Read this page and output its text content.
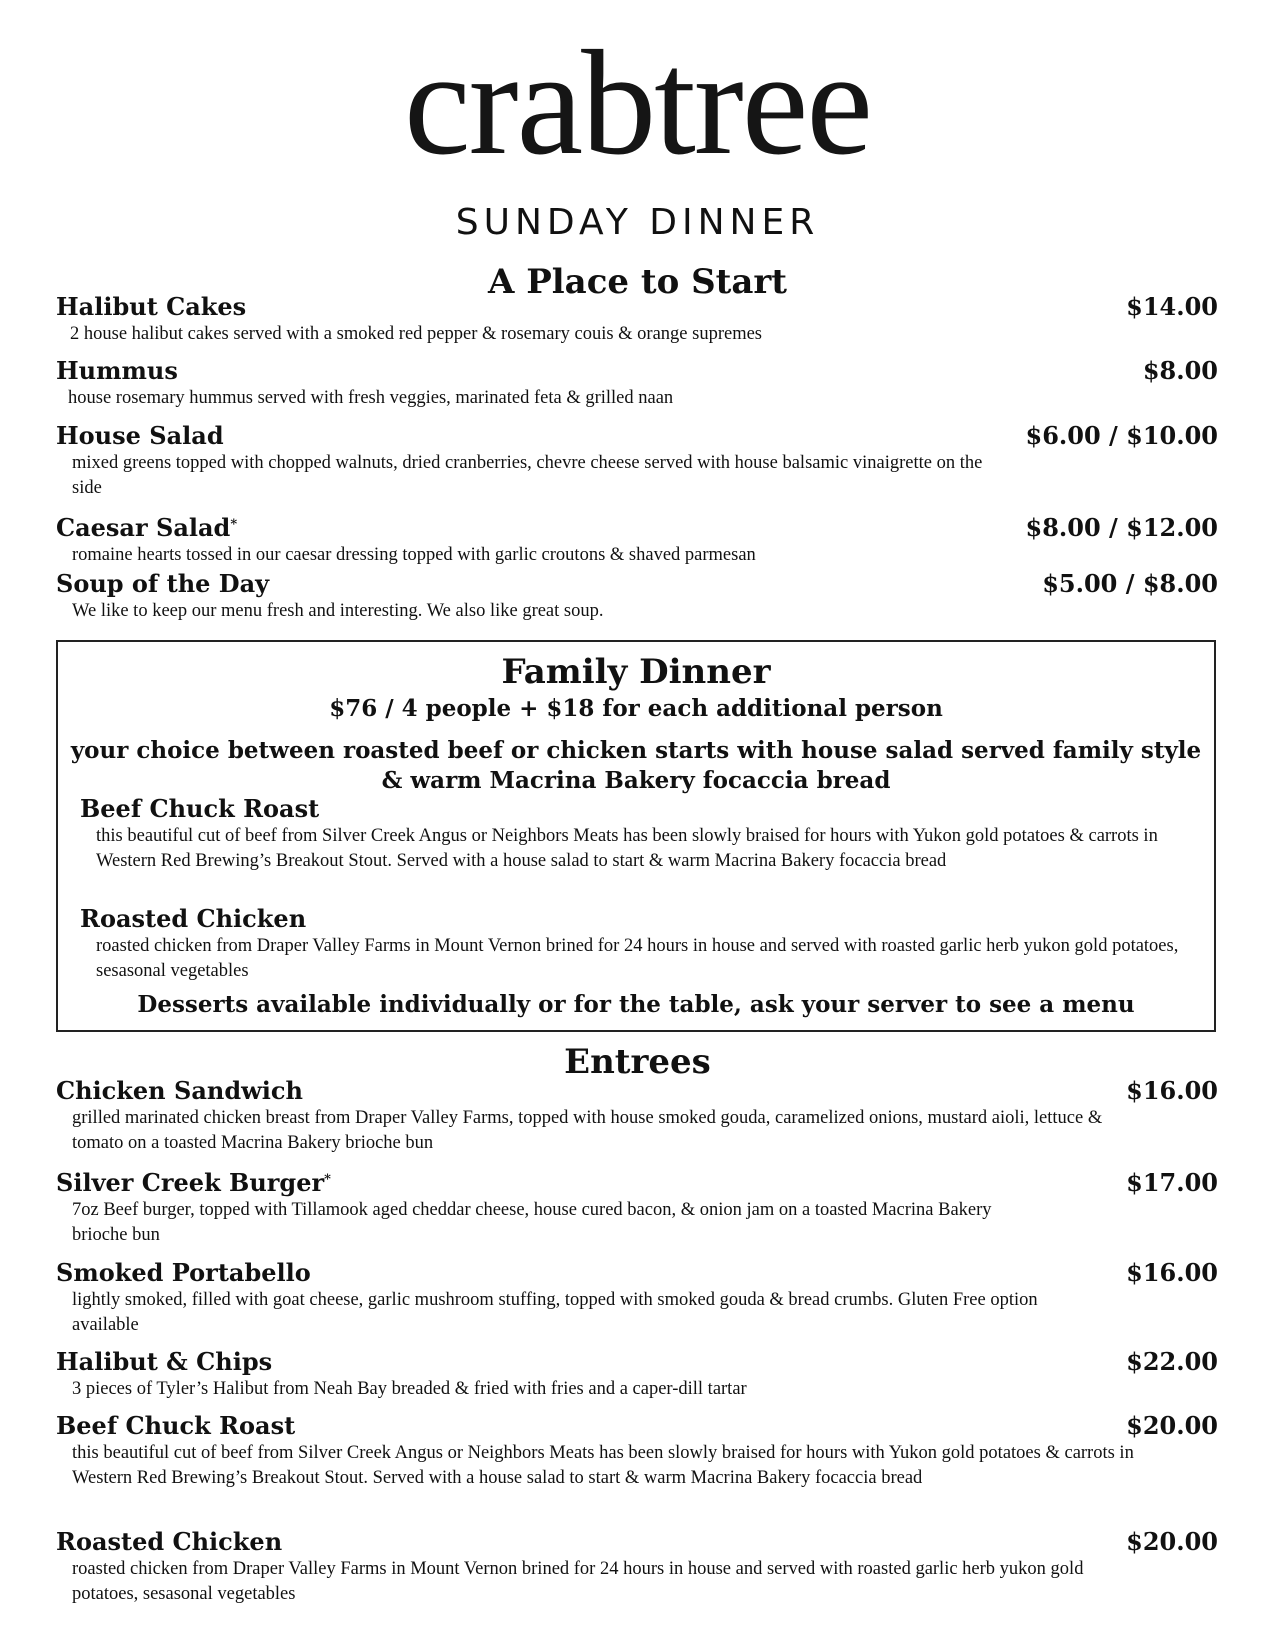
crabtree
SUNDAY DINNER
A Place to Start
Halibut Cakes	$14.00
2 house halibut cakes served with a smoked red pepper & rosemary couis & orange supremes
Hummus	$8.00
house rosemary hummus served with fresh veggies, marinated feta & grilled naan
House Salad	$6.00 / $10.00
mixed greens topped with chopped walnuts, dried cranberries, chevre cheese served with house balsamic vinaigrette on the side
Caesar Salad*	$8.00 / $12.00
romaine hearts tossed in our caesar dressing topped with garlic croutons & shaved parmesan
Soup of the Day	$5.00 / $8.00
We like to keep our menu fresh and interesting. We also like great soup.
Family Dinner
$76 / 4 people + $18 for each additional person
your choice between roasted beef or chicken starts with house salad served family style
& warm Macrina Bakery focaccia bread
Beef Chuck Roast
this beautiful cut of beef from Silver Creek Angus or Neighbors Meats has been slowly braised for hours with Yukon gold potatoes & carrots in Western Red Brewing’s Breakout Stout. Served with a house salad to start & warm Macrina Bakery focaccia bread
Roasted Chicken
roasted chicken from Draper Valley Farms in Mount Vernon brined for 24 hours in house and served with roasted garlic herb yukon gold potatoes, sesasonal vegetables
Desserts available individually or for the table, ask your server to see a menu
Entrees
Chicken Sandwich	$16.00
grilled marinated chicken breast from Draper Valley Farms, topped with house smoked gouda, caramelized onions, mustard aioli, lettuce & tomato on a toasted Macrina Bakery brioche bun
Silver Creek Burger*	$17.00
7oz Beef burger, topped with Tillamook aged cheddar cheese, house cured bacon, & onion jam on a toasted Macrina Bakery brioche bun
Smoked Portabello	$16.00
lightly smoked, filled with goat cheese, garlic mushroom stuffing, topped with smoked gouda & bread crumbs. Gluten Free option available
Halibut & Chips	$22.00
3 pieces of Tyler’s Halibut from Neah Bay breaded & fried with fries and a caper-dill tartar
Beef Chuck Roast	$20.00
this beautiful cut of beef from Silver Creek Angus or Neighbors Meats has been slowly braised for hours with Yukon gold potatoes & carrots in Western Red Brewing’s Breakout Stout. Served with a house salad to start & warm Macrina Bakery focaccia bread
Roasted Chicken	$20.00
roasted chicken from Draper Valley Farms in Mount Vernon brined for 24 hours in house and served with roasted garlic herb yukon gold potatoes, sesasonal vegetables
